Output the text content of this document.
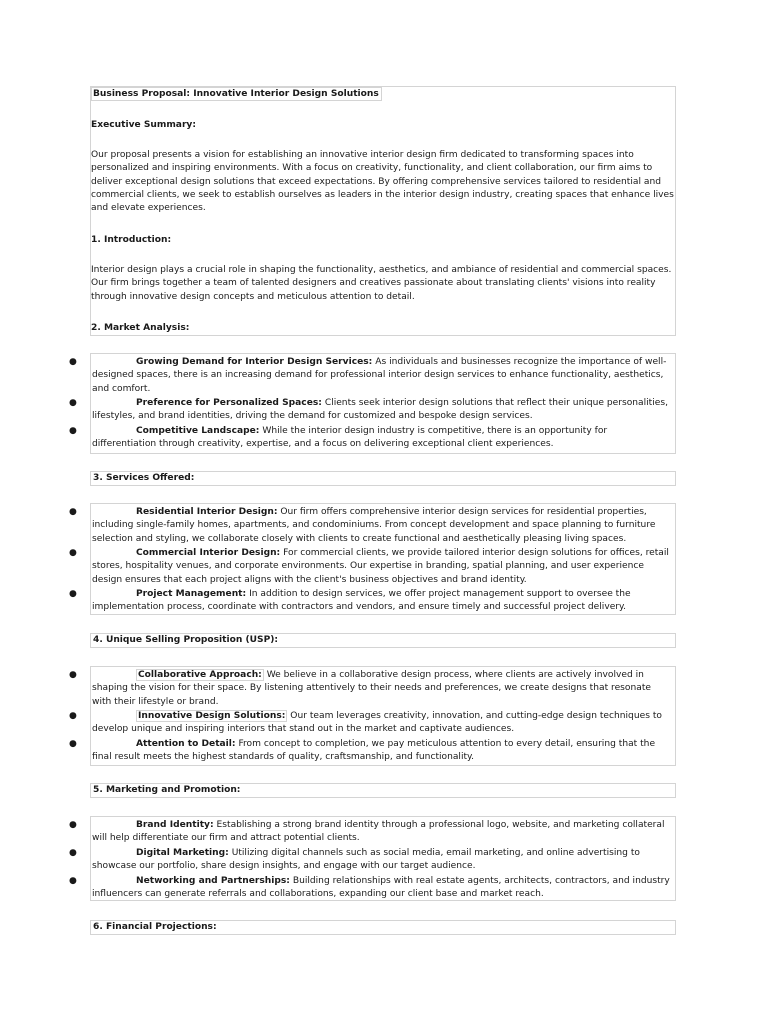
Business Proposal: Innovative Interior Design Solutions
Executive Summary:
Our proposal presents a vision for establishing an innovative interior design firm dedicated to transforming spaces into personalized and inspiring environments. With a focus on creativity, functionality, and client collaboration, our firm aims to deliver exceptional design solutions that exceed expectations. By offering comprehensive services tailored to residential and commercial clients, we seek to establish ourselves as leaders in the interior design industry, creating spaces that enhance lives and elevate experiences.
1. Introduction:
Interior design plays a crucial role in shaping the functionality, aesthetics, and ambiance of residential and commercial spaces. Our firm brings together a team of talented designers and creatives passionate about translating clients' visions into reality through innovative design concepts and meticulous attention to detail.
2. Market Analysis:
●	Growing Demand for Interior Design Services: As individuals and businesses recognize the importance of well-designed spaces, there is an increasing demand for professional interior design services to enhance functionality, aesthetics, and comfort.
●	Preference for Personalized Spaces: Clients seek interior design solutions that reflect their unique personalities, lifestyles, and brand identities, driving the demand for customized and bespoke design services.
●	Competitive Landscape: While the interior design industry is competitive, there is an opportunity for differentiation through creativity, expertise, and a focus on delivering exceptional client experiences.
3. Services Offered:
●	Residential Interior Design: Our firm offers comprehensive interior design services for residential properties, including single-family homes, apartments, and condominiums. From concept development and space planning to furniture selection and styling, we collaborate closely with clients to create functional and aesthetically pleasing living spaces.
●	Commercial Interior Design: For commercial clients, we provide tailored interior design solutions for offices, retail stores, hospitality venues, and corporate environments. Our expertise in branding, spatial planning, and user experience design ensures that each project aligns with the client's business objectives and brand identity.
●	Project Management: In addition to design services, we offer project management support to oversee the implementation process, coordinate with contractors and vendors, and ensure timely and successful project delivery.
4. Unique Selling Proposition (USP):
●	Collaborative Approach: We believe in a collaborative design process, where clients are actively involved in shaping the vision for their space. By listening attentively to their needs and preferences, we create designs that resonate with their lifestyle or brand.
●	Innovative Design Solutions: Our team leverages creativity, innovation, and cutting-edge design techniques to develop unique and inspiring interiors that stand out in the market and captivate audiences.
●	Attention to Detail: From concept to completion, we pay meticulous attention to every detail, ensuring that the final result meets the highest standards of quality, craftsmanship, and functionality.
5. Marketing and Promotion:
●	Brand Identity: Establishing a strong brand identity through a professional logo, website, and marketing collateral will help differentiate our firm and attract potential clients.
●	Digital Marketing: Utilizing digital channels such as social media, email marketing, and online advertising to showcase our portfolio, share design insights, and engage with our target audience.
●	Networking and Partnerships: Building relationships with real estate agents, architects, contractors, and industry influencers can generate referrals and collaborations, expanding our client base and market reach.
6. Financial Projections:
